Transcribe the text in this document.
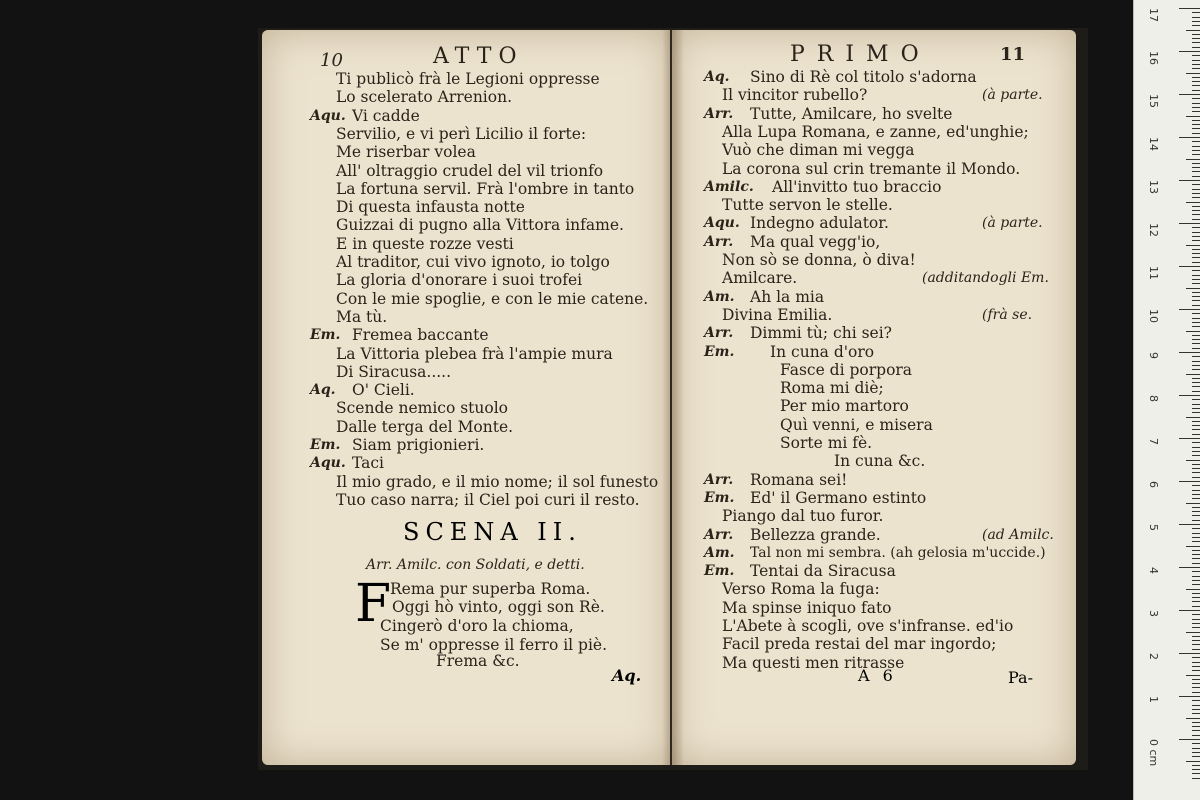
10	ATTO	PRIMO	11
Ti publicò frà le Legioni oppresse
Lo scelerato Arrenion.
Aqu. Vi cadde
Servilio, e vi perì Licilio il forte:
Me riserbar volea
All' oltraggio crudel del vil trionfo
La fortuna servil. Frà l'ombre in tanto
Di questa infausta notte
Guizzai di pugno alla Vittora infame.
E in queste rozze vesti
Al traditor, cui vivo ignoto, io tolgo
La gloria d'onorare i suoi trofei
Con le mie spoglie, e con le mie catene.
Ma tù.
Em. Fremea baccante
La Vittoria plebea frà l'ampie mura
Di Siracusa.....
Aq. O' Cieli.
Scende nemico stuolo
Dalle terga del Monte.
Em. Siam prigionieri.
Aqu. Taci
Il mio grado, e il mio nome; il sol funesto
Tuo caso narra; il Ciel poi curi il resto.
SCENA II.
Arr. Amilc. con Soldati, e detti.
F
Rema pur superba Roma.
Oggi hò vinto, oggi son Rè.
Cingerò d'oro la chioma,
Se m' oppresse il ferro il piè.
Frema &c.
Aq.
Aq. Sino di Rè col titolo s'adorna
Il vincitor rubello?	(à parte.
Arr. Tutte, Amilcare, ho svelte
Alla Lupa Romana, e zanne, ed'unghie;
Vuò che diman mi vegga
La corona sul crin tremante il Mondo.
Amilc. All'invitto tuo braccio
Tutte servon le stelle.
Aqu. Indegno adulator.	(à parte.
Arr. Ma qual vegg'io,
Non sò se donna, ò diva!
Amilcare.	(additandogli Em.
Am. Ah la mia
Divina Emilia.	(frà se.
Arr. Dimmi tù; chi sei?
Em. In cuna d'oro
Fasce di porpora
Roma mi diè;
Per mio martoro
Quì venni, e misera
Sorte mi fè.
In cuna &c.
Arr. Romana sei!
Em. Ed' il Germano estinto
Piango dal tuo furor.
Arr. Bellezza grande.	(ad Amilc.
Am. Tal non mi sembra. (ah gelosia m'uccide.)
Em. Tentai da Siracusa
Verso Roma la fuga:
Ma spinse iniquo fato
L'Abete à scogli, ove s'infranse. ed'io
Facil preda restai del mar ingordo;
Ma questi men ritrasse
A 6	Pa-
17
16
15
14
13
12
11
10
9
8
7
6
5
4
3
2
1
0 cm
